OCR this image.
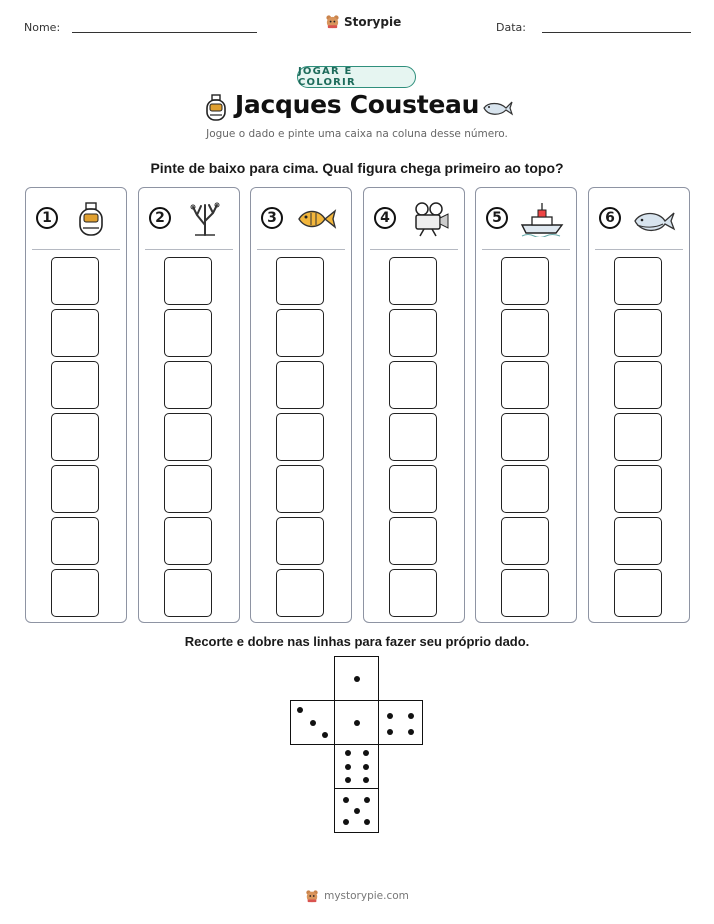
Nome:	Storypie	Data:
JOGAR E COLORIR
Jacques Cousteau
Jogue o dado e pinte uma caixa na coluna desse número.
Pinte de baixo para cima. Qual figura chega primeiro ao topo?
1	2	3	4	5	6
Recorte e dobre nas linhas para fazer seu próprio dado.
mystorypie.com
